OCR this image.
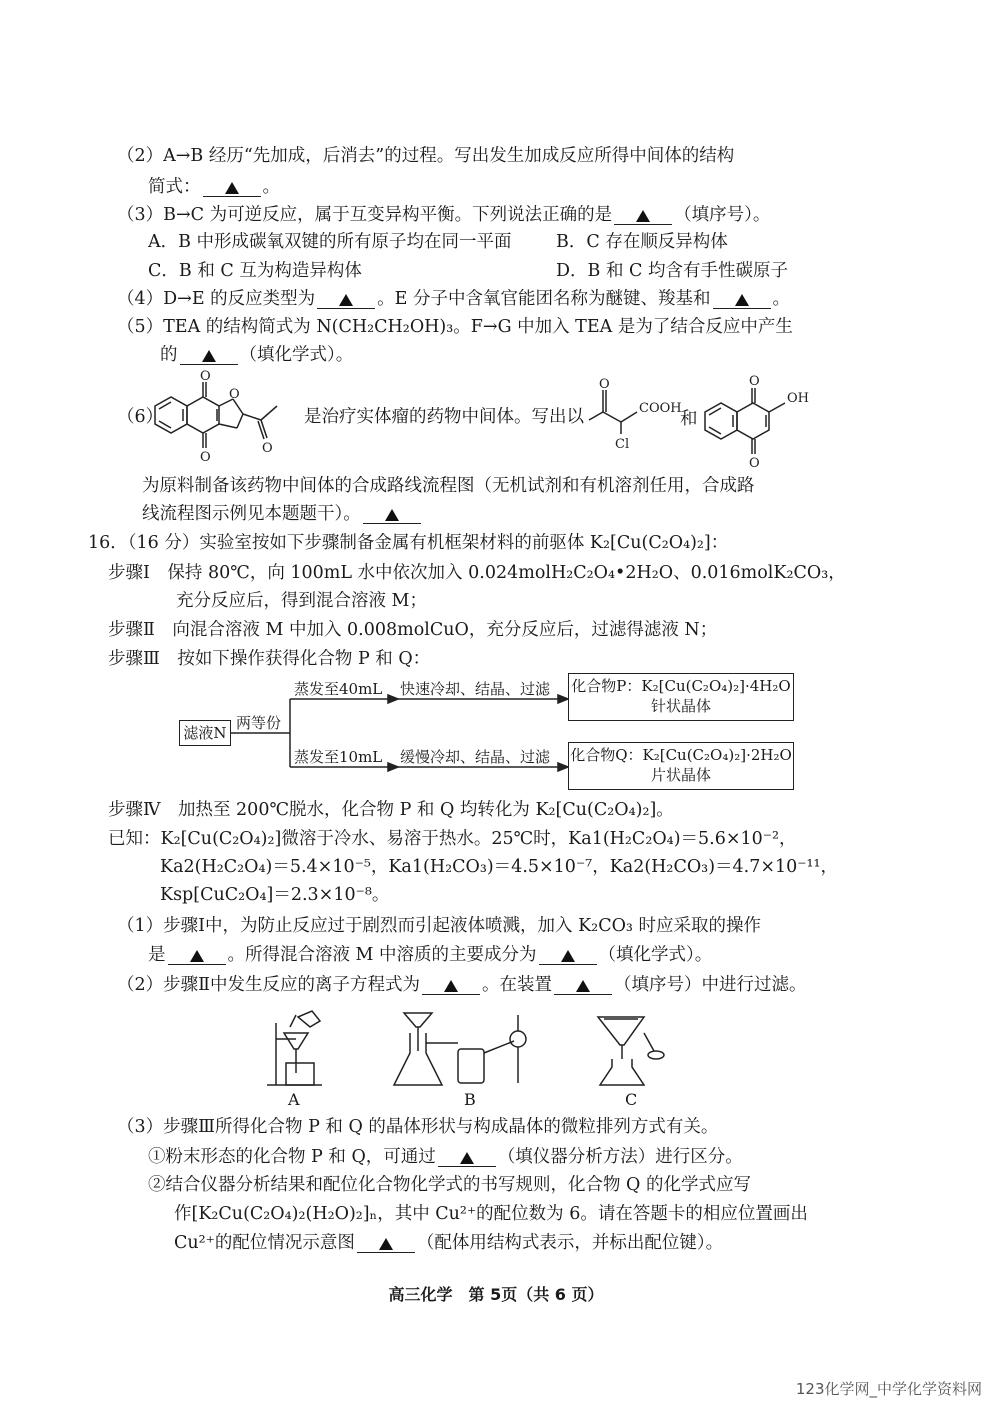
（2）A→B 经历“先加成，后消去”的过程。写出发生加成反应所得中间体的结构
简式：	。
（3）B→C 为可逆反应，属于互变异构平衡。下列说法正确的是	（填序号）。
A．B 中形成碳氧双键的所有原子均在同一平面	B．C 存在顺反异构体
C．B 和 C 互为构造异构体	D．B 和 C 均含有手性碳原子
（4）D→E 的反应类型为	。E 分子中含氧官能团名称为醚键、羧基和	。
（5）TEA 的结构简式为 N(CH₂CH₂OH)₃。F→G 中加入 TEA 是为了结合反应中产生
的	（填化学式）。
（6）
O
O
O
O
是治疗实体瘤的药物中间体。写出以
O
COOH
Cl
和
O
O
OH
为原料制备该药物中间体的合成路线流程图（无机试剂和有机溶剂任用，合成路
线流程图示例见本题题干）。
16．（16 分）实验室按如下步骤制备金属有机框架材料的前驱体 K₂[Cu(C₂O₄)₂]：
步骤Ⅰ　保持 80℃，向 100mL 水中依次加入 0.024molH₂C₂O₄•2H₂O、0.016molK₂CO₃，
充分反应后，得到混合溶液 M；
步骤Ⅱ　向混合溶液 M 中加入 0.008molCuO，充分反应后，过滤得滤液 N；
步骤Ⅲ　按如下操作获得化合物 P 和 Q：
滤液N
两等份
蒸发至40mL 快速冷却、结晶、过滤 化合物P：K₂[Cu(C₂O₄)₂]·4H₂O
针状晶体
蒸发至10mL 缓慢冷却、结晶、过滤 化合物Q：K₂[Cu(C₂O₄)₂]·2H₂O
片状晶体
步骤Ⅳ　加热至 200℃脱水，化合物 P 和 Q 均转化为 K₂[Cu(C₂O₄)₂]。
已知：K₂[Cu(C₂O₄)₂]微溶于冷水、易溶于热水。25℃时，Ka1(H₂C₂O₄)＝5.6×10⁻²，
Ka2(H₂C₂O₄)＝5.4×10⁻⁵，Ka1(H₂CO₃)＝4.5×10⁻⁷，Ka2(H₂CO₃)＝4.7×10⁻¹¹，
Ksp[CuC₂O₄]＝2.3×10⁻⁸。
（1）步骤Ⅰ中，为防止反应过于剧烈而引起液体喷溅，加入 K₂CO₃ 时应采取的操作
是	。所得混合溶液 M 中溶质的主要成分为	（填化学式）。
（2）步骤Ⅱ中发生反应的离子方程式为	。在装置	（填序号）中进行过滤。
A	B	C
（3）步骤Ⅲ所得化合物 P 和 Q 的晶体形状与构成晶体的微粒排列方式有关。
①粉末形态的化合物 P 和 Q，可通过	（填仪器分析方法）进行区分。
②结合仪器分析结果和配位化合物化学式的书写规则，化合物 Q 的化学式应写
作[K₂Cu(C₂O₄)₂(H₂O)₂]ₙ，其中 Cu²⁺的配位数为 6。请在答题卡的相应位置画出
Cu²⁺的配位情况示意图	（配体用结构式表示，并标出配位键）。
高三化学　第 5页（共 6 页）
123化学网_中学化学资料网
